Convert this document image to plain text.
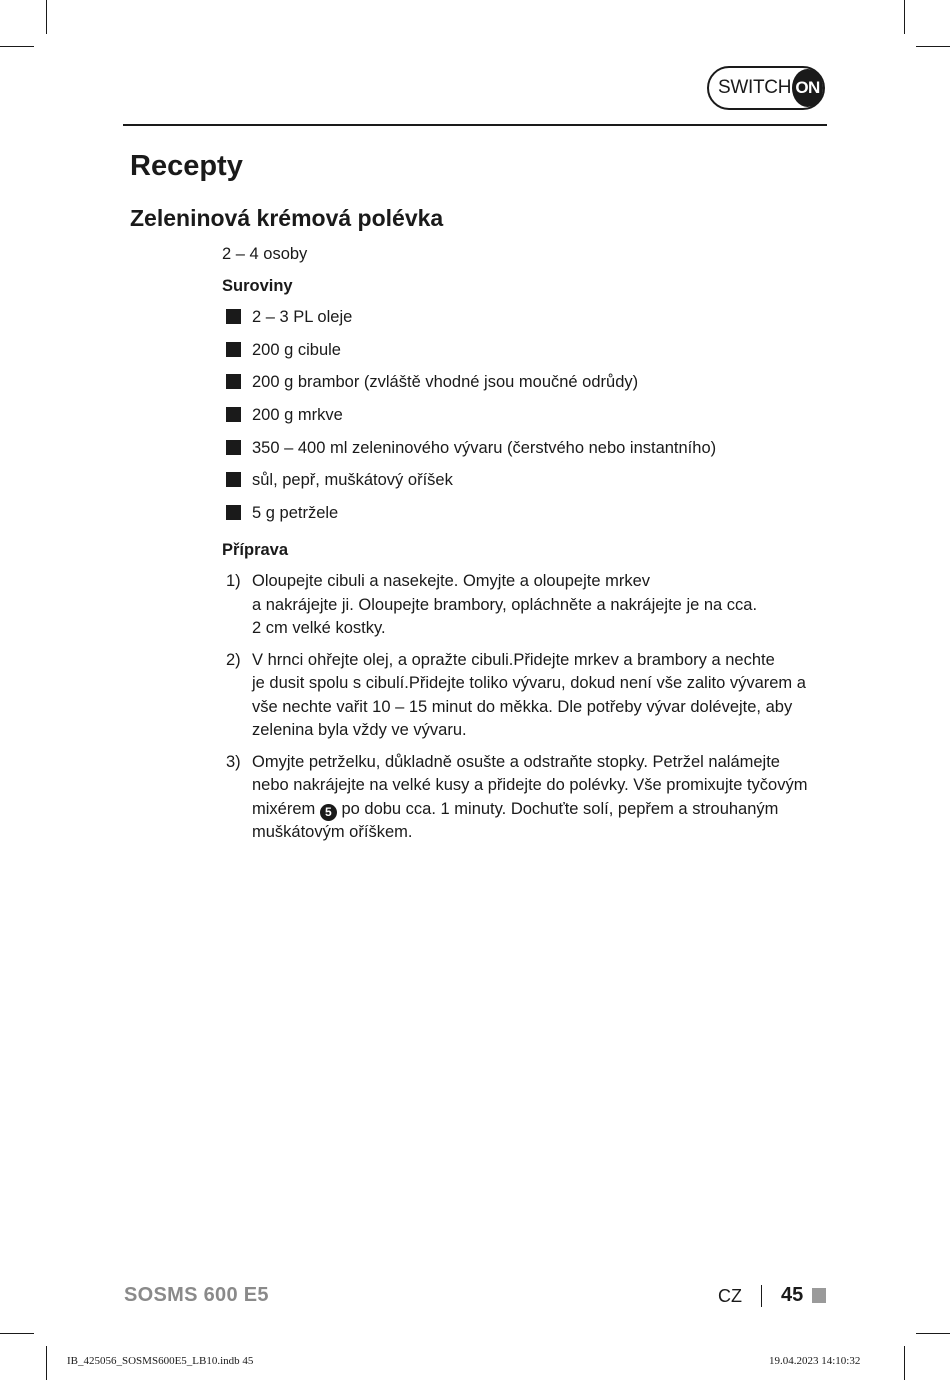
SWITCH ON
Recepty
Zeleninová krémová polévka
2 – 4 osoby
Suroviny
2 – 3 PL oleje
200 g cibule
200 g brambor (zvláště vhodné jsou moučné odrůdy)
200 g mrkve
350 – 400 ml zeleninového vývaru (čerstvého nebo instantního)
sůl, pepř, muškátový oříšek
5 g petržele
Příprava
1) Oloupejte cibuli a nasekejte. Omyjte a oloupejte mrkev
a nakrájejte ji. Oloupejte brambory, opláchněte a nakrájejte je na cca.
2 cm velké kostky.
2) V hrnci ohřejte olej, a opražte cibuli.Přidejte mrkev a brambory a nechte
je dusit spolu s cibulí.Přidejte toliko vývaru, dokud není vše zalito vývarem a
vše nechte vařit 10 – 15 minut do měkka. Dle potřeby vývar dolévejte, aby
zelenina byla vždy ve vývaru.
3) Omyjte petrželku, důkladně osušte a odstraňte stopky. Petržel nalámejte
nebo nakrájejte na velké kusy a přidejte do polévky. Vše promixujte tyčovým
mixérem 5 po dobu cca. 1 minuty. Dochuťte solí, pepřem a strouhaným
muškátovým oříškem.
SOSMS 600 E5	CZ 45
IB_425056_SOSMS600E5_LB10.indb 45	19.04.2023 14:10:32
